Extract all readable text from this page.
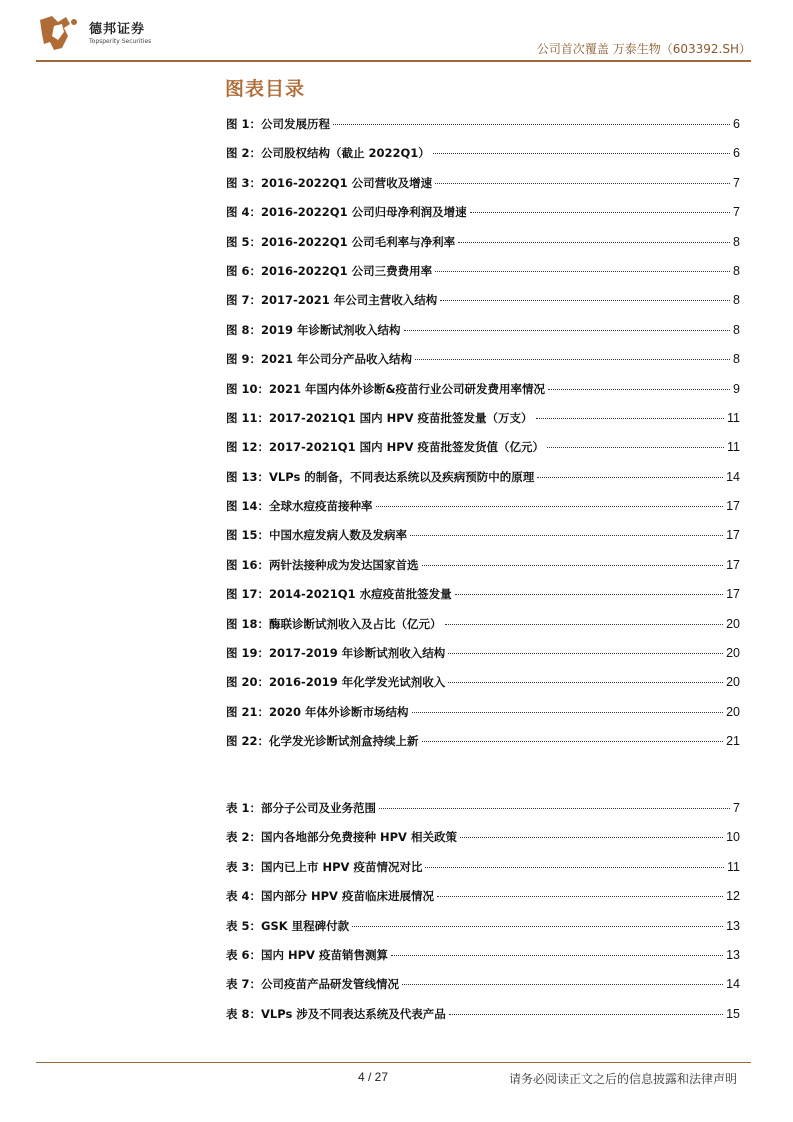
德邦证券
Topsperity Securities
公司首次覆盖 万泰生物（603392.SH）
图表目录
图 1：公司发展历程	6
图 2：公司股权结构（截止 2022Q1）	6
图 3：2016-2022Q1 公司营收及增速	7
图 4：2016-2022Q1 公司归母净利润及增速	7
图 5：2016-2022Q1 公司毛利率与净利率	8
图 6：2016-2022Q1 公司三费费用率	8
图 7：2017-2021 年公司主营收入结构	8
图 8：2019 年诊断试剂收入结构	8
图 9：2021 年公司分产品收入结构	8
图 10：2021 年国内体外诊断&疫苗行业公司研发费用率情况	9
图 11：2017-2021Q1 国内 HPV 疫苗批签发量（万支）	11
图 12：2017-2021Q1 国内 HPV 疫苗批签发货值（亿元）	11
图 13：VLPs 的制备，不同表达系统以及疾病预防中的原理	14
图 14：全球水痘疫苗接种率	17
图 15：中国水痘发病人数及发病率	17
图 16：两针法接种成为发达国家首选	17
图 17：2014-2021Q1 水痘疫苗批签发量	17
图 18：酶联诊断试剂收入及占比（亿元）	20
图 19：2017-2019 年诊断试剂收入结构	20
图 20：2016-2019 年化学发光试剂收入	20
图 21：2020 年体外诊断市场结构	20
图 22：化学发光诊断试剂盒持续上新	21
表 1：部分子公司及业务范围	7
表 2：国内各地部分免费接种 HPV 相关政策	10
表 3：国内已上市 HPV 疫苗情况对比	11
表 4：国内部分 HPV 疫苗临床进展情况	12
表 5：GSK 里程碑付款	13
表 6：国内 HPV 疫苗销售测算	13
表 7：公司疫苗产品研发管线情况	14
表 8：VLPs 涉及不同表达系统及代表产品	15
4 / 27	请务必阅读正文之后的信息披露和法律声明
